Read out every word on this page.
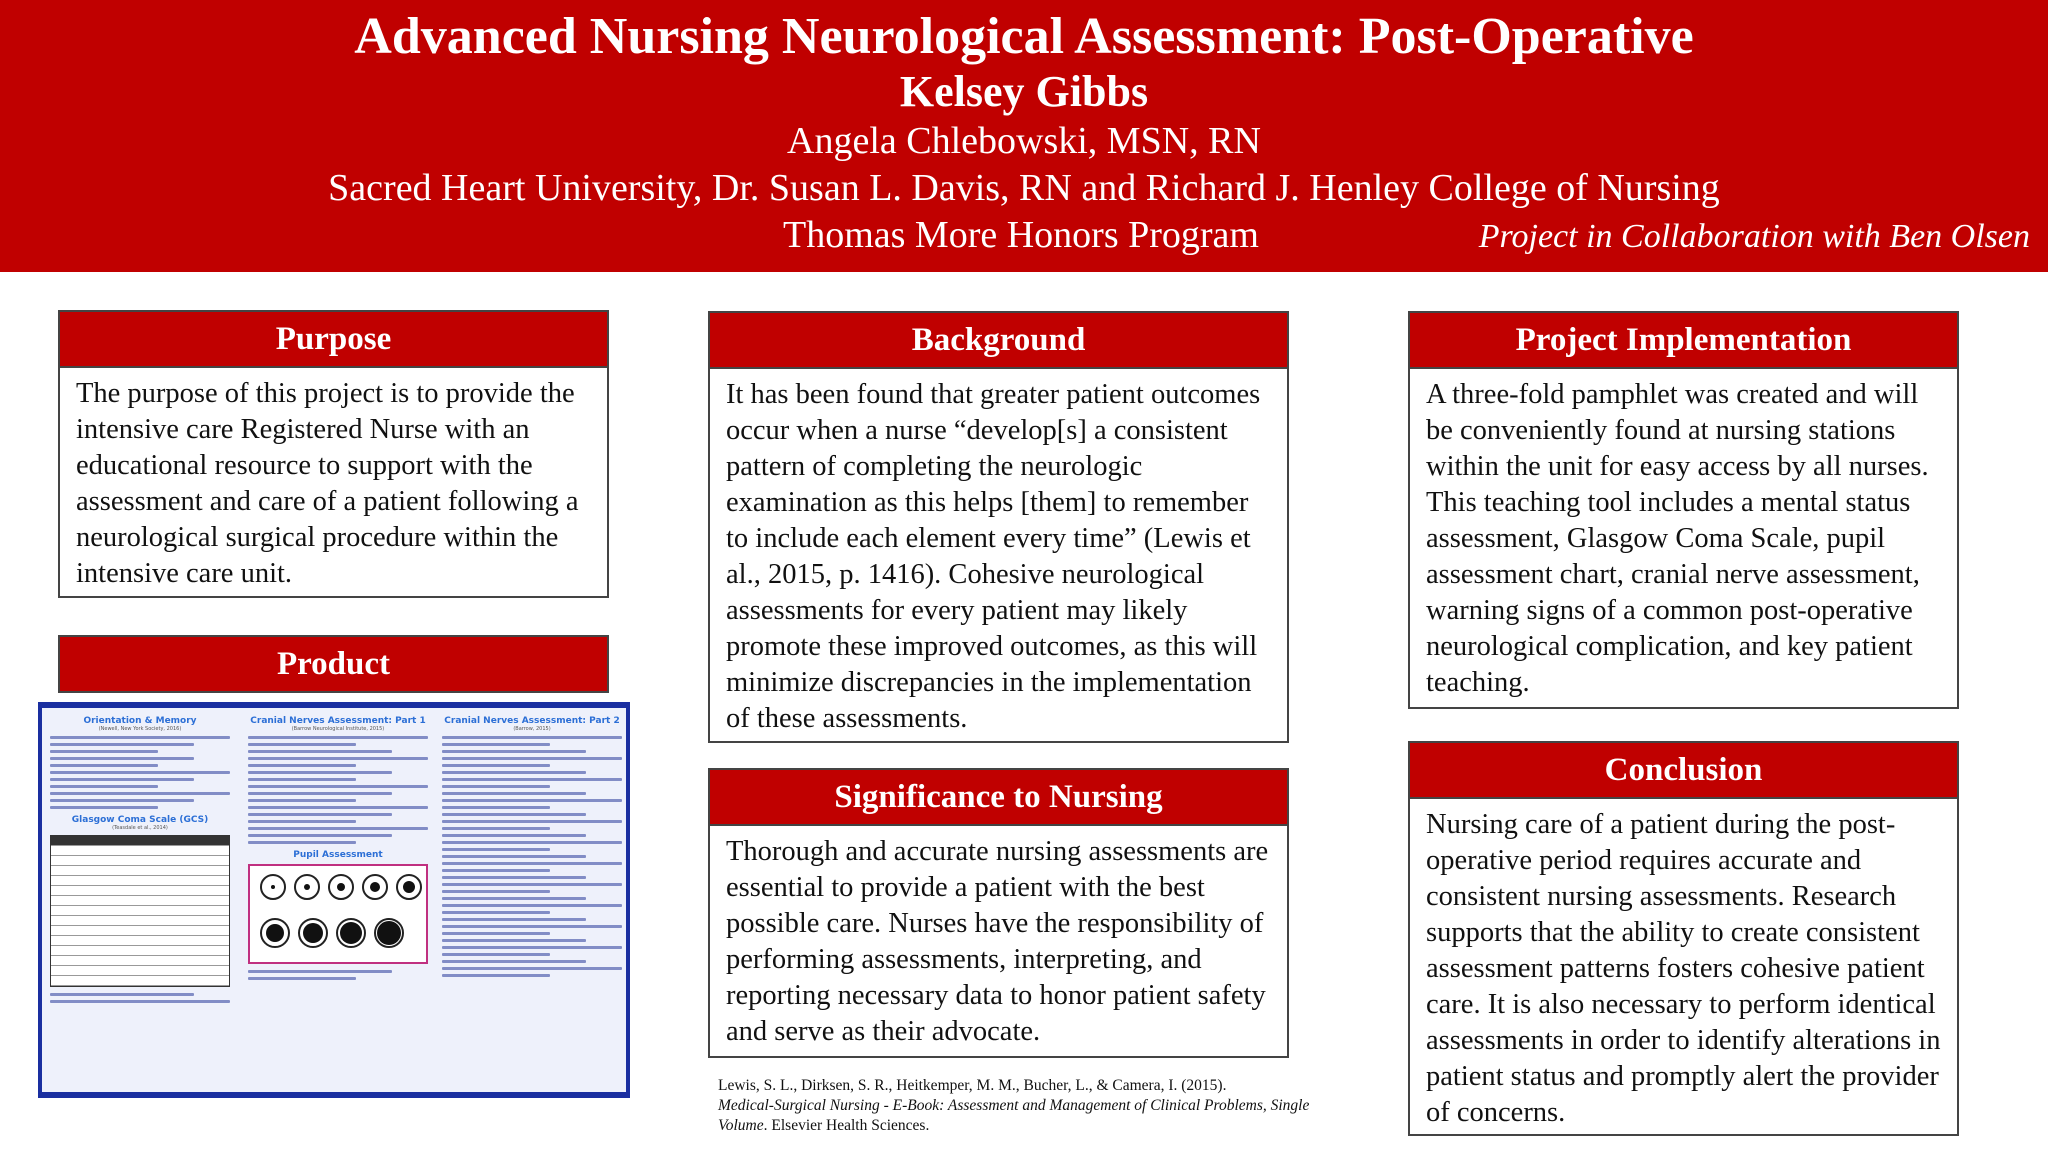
Advanced Nursing Neurological Assessment: Post-Operative
Kelsey Gibbs
Angela Chlebowski, MSN, RN
Sacred Heart University, Dr. Susan L. Davis, RN and Richard J. Henley College of Nursing
Thomas More Honors Program	Project in Collaboration with Ben Olsen
Purpose
The purpose of this project is to provide the intensive care Registered Nurse with an educational resource to support with the assessment and care of a patient following a neurological surgical procedure within the intensive care unit.
Product
Orientation & Memory
(Newell, New York Society, 2016)
Glasgow Coma Scale (GCS)
(Teasdale et al., 2014)
Cranial Nerves Assessment: Part 1
(Barrow Neurological Institute, 2015)
Pupil Assessment
Cranial Nerves Assessment: Part 2
(Barrow, 2015)
Background
It has been found that greater patient outcomes occur when a nurse “develop[s] a consistent pattern of completing the neurologic examination as this helps [them] to remember to include each element every time” (Lewis et al., 2015, p. 1416). Cohesive neurological assessments for every patient may likely promote these improved outcomes, as this will minimize discrepancies in the implementation of these assessments.
Significance to Nursing
Thorough and accurate nursing assessments are essential to provide a patient with the best possible care. Nurses have the responsibility of performing assessments, interpreting, and reporting necessary data to honor patient safety and serve as their advocate.
Lewis, S. L., Dirksen, S. R., Heitkemper, M. M., Bucher, L., & Camera, I. (2015).
Medical-Surgical Nursing - E-Book: Assessment and Management of Clinical Problems, Single Volume. Elsevier Health Sciences.
Project Implementation
A three-fold pamphlet was created and will be conveniently found at nursing stations within the unit for easy access by all nurses. This teaching tool includes a mental status assessment, Glasgow Coma Scale, pupil assessment chart, cranial nerve assessment, warning signs of a common post-operative neurological complication, and key patient teaching.
Conclusion
Nursing care of a patient during the post-operative period requires accurate and consistent nursing assessments. Research supports that the ability to create consistent assessment patterns fosters cohesive patient care. It is also necessary to perform identical assessments in order to identify alterations in patient status and promptly alert the provider of concerns.
